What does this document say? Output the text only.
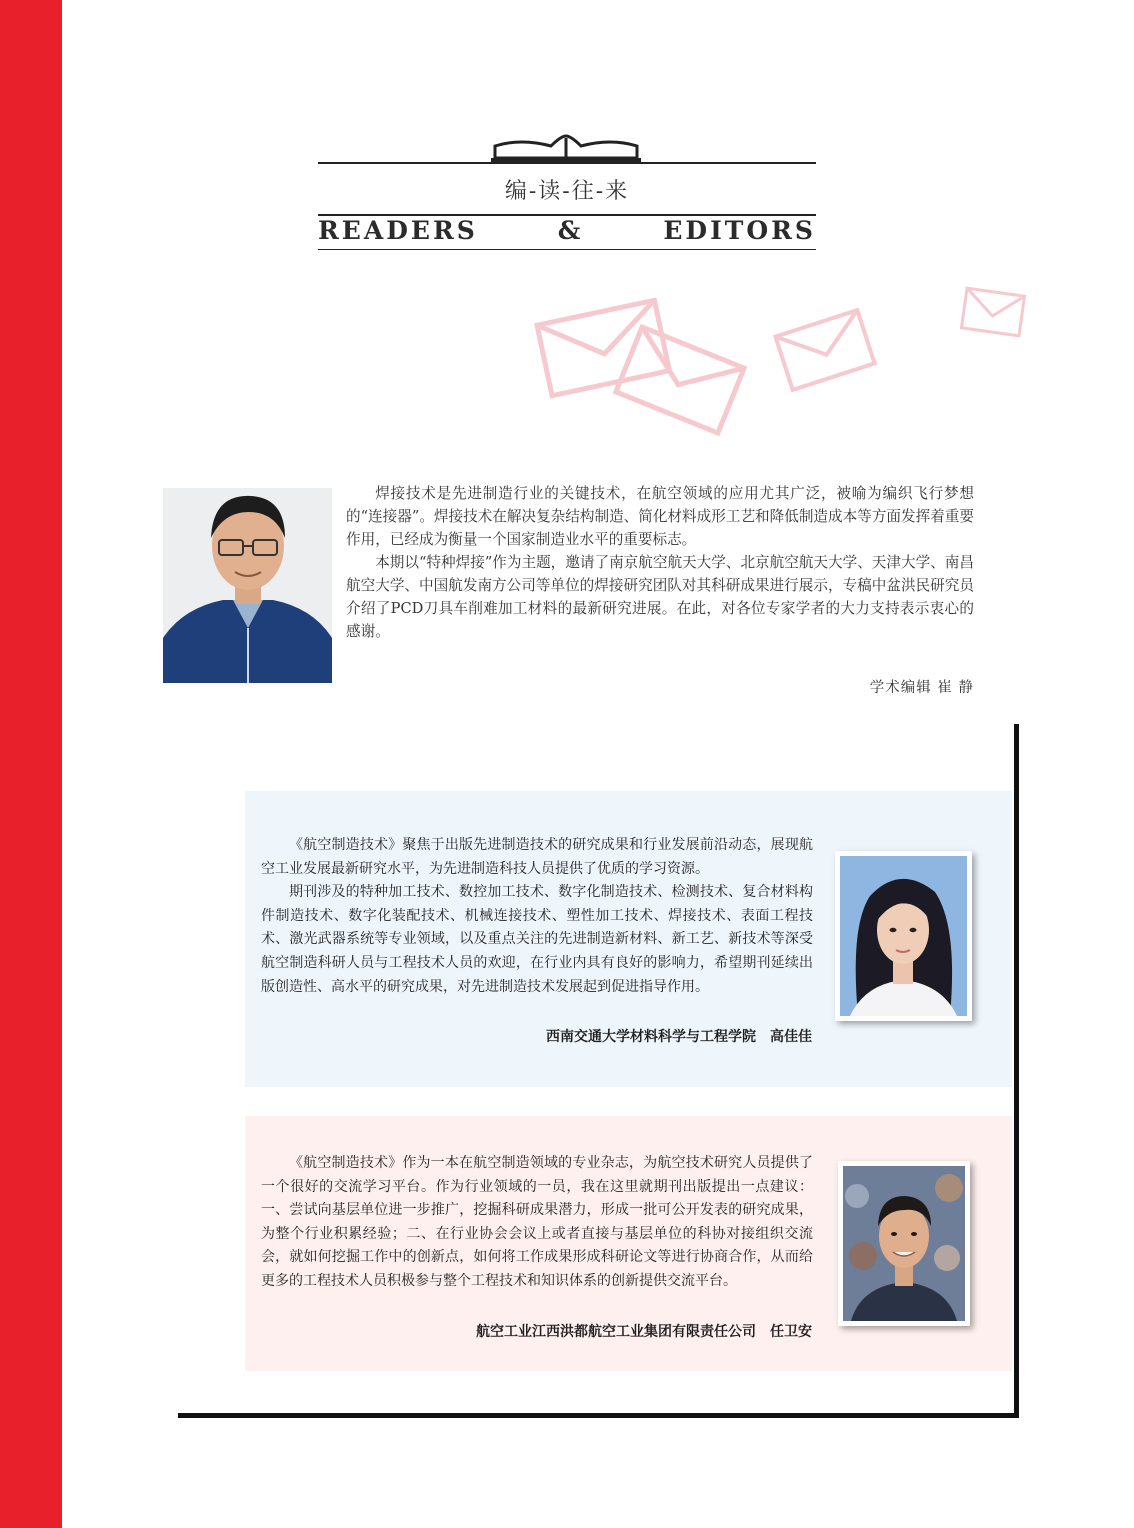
编-读-往-来
READERS & EDITORS

焊接技术是先进制造行业的关键技术，在航空领域的应用尤其广泛，被喻为编织飞行梦想的“连接器”。焊接技术在解决复杂结构制造、简化材料成形工艺和降低制造成本等方面发挥着重要作用，已经成为衡量一个国家制造业水平的重要标志。

本期以“特种焊接”作为主题，邀请了南京航空航天大学、北京航空航天大学、天津大学、南昌航空大学、中国航发南方公司等单位的焊接研究团队对其科研成果进行展示，专稿中盆洪民研究员介绍了PCD刀具车削难加工材料的最新研究进展。在此，对各位专家学者的大力支持表示衷心的感谢。

学术编辑 崔 静

《航空制造技术》聚焦于出版先进制造技术的研究成果和行业发展前沿动态，展现航空工业发展最新研究水平，为先进制造科技人员提供了优质的学习资源。

期刊涉及的特种加工技术、数控加工技术、数字化制造技术、检测技术、复合材料构件制造技术、数字化装配技术、机械连接技术、塑性加工技术、焊接技术、表面工程技术、激光武器系统等专业领域，以及重点关注的先进制造新材料、新工艺、新技术等深受航空制造科研人员与工程技术人员的欢迎，在行业内具有良好的影响力，希望期刊延续出版创造性、高水平的研究成果，对先进制造技术发展起到促进指导作用。

西南交通大学材料科学与工程学院　高佳佳

《航空制造技术》作为一本在航空制造领域的专业杂志，为航空技术研究人员提供了一个很好的交流学习平台。作为行业领域的一员，我在这里就期刊出版提出一点建议：一、尝试向基层单位进一步推广，挖掘科研成果潜力，形成一批可公开发表的研究成果，为整个行业积累经验；二、在行业协会会议上或者直接与基层单位的科协对接组织交流会，就如何挖掘工作中的创新点，如何将工作成果形成科研论文等进行协商合作，从而给更多的工程技术人员积极参与整个工程技术和知识体系的创新提供交流平台。

航空工业江西洪都航空工业集团有限责任公司　任卫安
